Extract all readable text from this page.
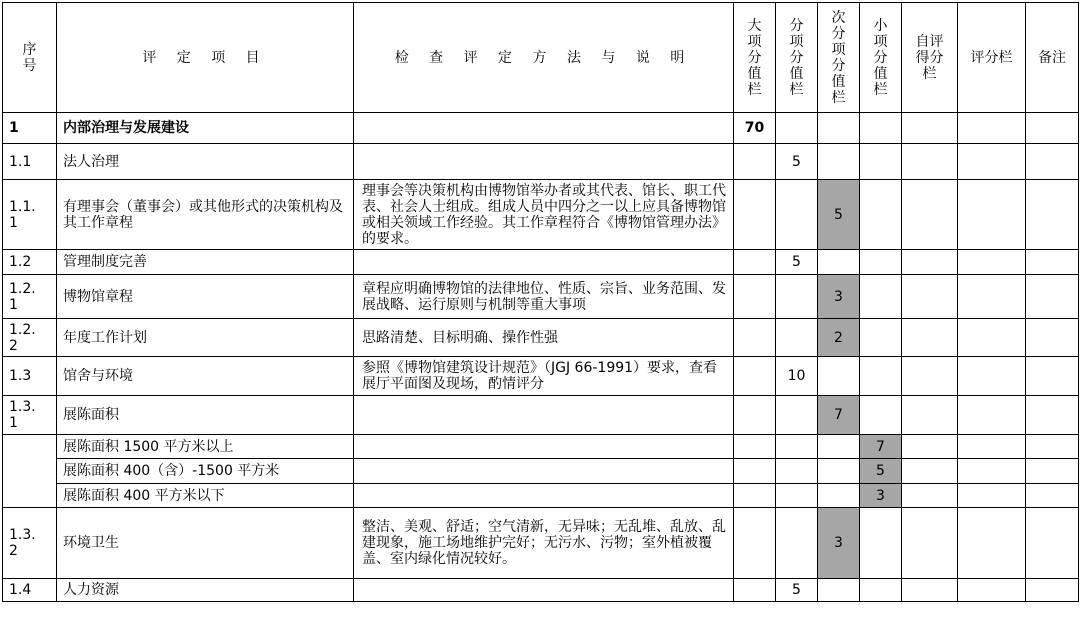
序号	评 定 项 目	检 查 评 定 方 法 与 说 明	大项分值栏	分项分值栏	次分项分值栏	小项分值栏	自评得分栏	评分栏	备注
1	内部治理与发展建设		70						
1.1	法人治理			5					

1.1.1	有理事会（董事会）或其他形式的决策机构及其工作章程	理事会等决策机构由博物馆举办者或其代表、馆长、职工代表、社会人士组成。组成人员中四分之一以上应具备博物馆或相关领域工作经验。其工作章程符合《博物馆管理办法》的要求。			5				
1.2	管理制度完善			5					

1.2.1	博物馆章程	章程应明确博物馆的法律地位、性质、宗旨、业务范围、发展战略、运行原则与机制等重大事项			3				

1.2.2	年度工作计划	思路清楚、目标明确、操作性强			2				
1.3	馆舍与环境	参照《博物馆建筑设计规范》（JGJ 66-1991）要求，查看展厅平面图及现场，酌情评分		10					

1.3.1	展陈面积				7				
	展陈面积 1500 平方米以上					7			
	展陈面积 400（含）-1500 平方米					5			
	展陈面积 400 平方米以下					3			

1.3.2	环境卫生	整洁、美观、舒适；空气清新，无异味；无乱堆、乱放、乱建现象，施工场地维护完好；无污水、污物；室外植被覆盖、室内绿化情况较好。			3				
1.4	人力资源			5					
